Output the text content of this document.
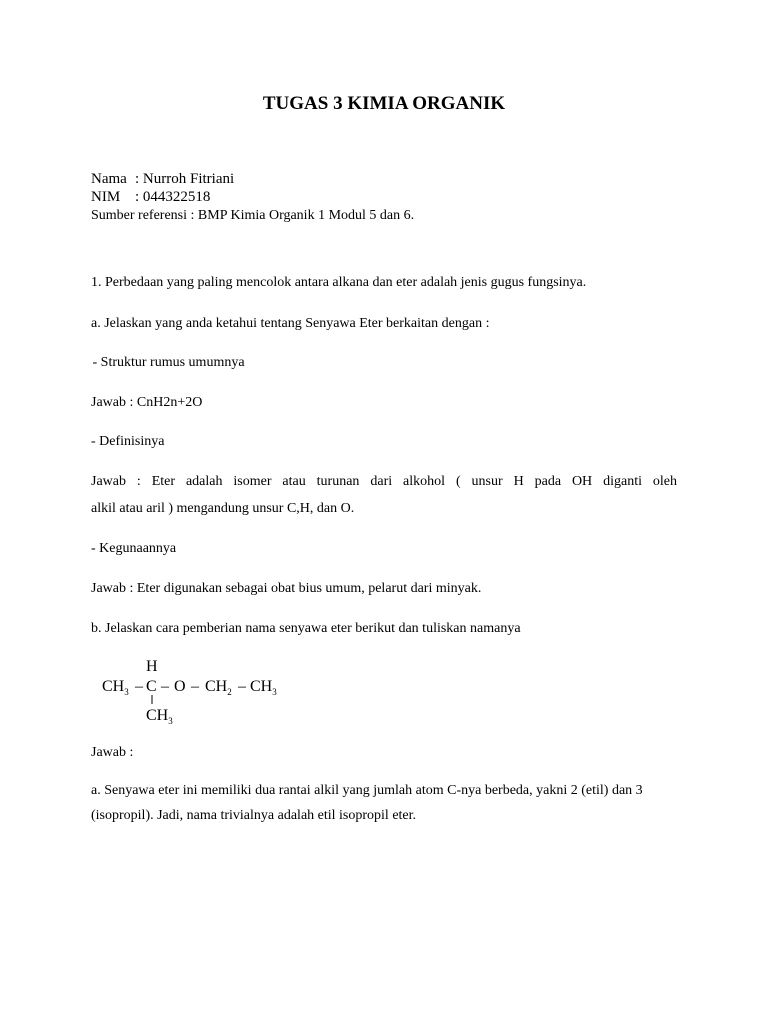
TUGAS 3 KIMIA ORGANIK
Nama : Nurroh Fitriani
NIM : 044322518
Sumber referensi : BMP Kimia Organik 1 Modul 5 dan 6.
1. Perbedaan yang paling mencolok antara alkana dan eter adalah jenis gugus fungsinya.
a. Jelaskan yang anda ketahui tentang Senyawa Eter berkaitan dengan :
- Struktur rumus umumnya
Jawab : CnH2n+2O
- Definisinya
Jawab : Eter adalah isomer atau turunan dari alkohol ( unsur H pada OH diganti oleh
alkil atau aril ) mengandung unsur C,H, dan O.
- Kegunaannya
Jawab : Eter digunakan sebagai obat bius umum, pelarut dari minyak.
b. Jelaskan cara pemberian nama senyawa eter berikut dan tuliskan namanya
H
$CH_3$ – C – O – $CH_2 - CH_3$
$CH_3$
Jawab :
a. Senyawa eter ini memiliki dua rantai alkil yang jumlah atom C-nya berbeda, yakni 2 (etil) dan 3
(isopropil). Jadi, nama trivialnya adalah etil isopropil eter.
